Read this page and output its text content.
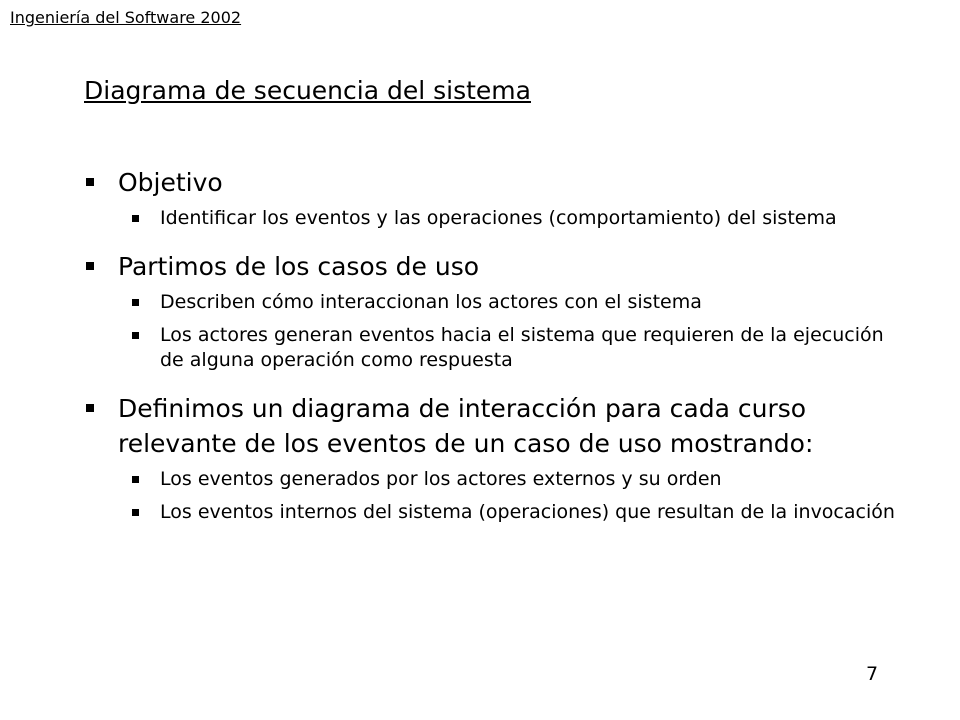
Ingeniería del Software 2002
Diagrama de secuencia del sistema
Objetivo
Identificar los eventos y las operaciones (comportamiento) del sistema
Partimos de los casos de uso
Describen cómo interaccionan los actores con el sistema
Los actores generan eventos hacia el sistema que requieren de la ejecución de alguna operación como respuesta
Definimos un diagrama de interacción para cada curso relevante de los eventos de un caso de uso mostrando:
Los eventos generados por los actores externos y su orden
Los eventos internos del sistema (operaciones) que resultan de la invocación
7
